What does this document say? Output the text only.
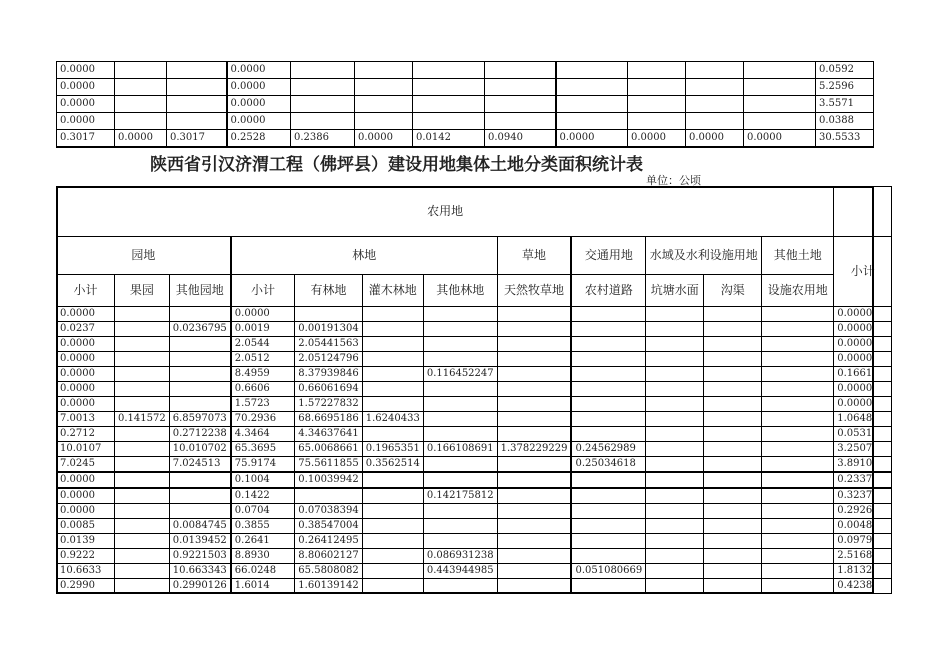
0.0000			0.0000									0.0592
0.0000			0.0000									5.2596
0.0000			0.0000									3.5571
0.0000			0.0000									0.0388
0.3017	0.0000	0.3017	0.2528	0.2386	0.0000	0.0142	0.0940	0.0000	0.0000	0.0000	0.0000	30.5533
陕西省引汉济渭工程（佛坪县）建设用地集体土地分类面积统计表
单位：公顷
农用地												
园地			林地				草地	交通用地	水域及水利设施用地		其他土地	小计
小计	果园	其他园地	小计	有林地	灌木林地	其他林地	天然牧草地	农村道路	坑塘水面	沟渠	设施农用地	
0.0000			0.0000									0.0000
0.0237		0.0236795	0.0019	0.00191304								0.0000
0.0000			2.0544	2.05441563								0.0000
0.0000			2.0512	2.05124796								0.0000
0.0000			8.4959	8.37939846		0.116452247						0.1661
0.0000			0.6606	0.66061694								0.0000
0.0000			1.5723	1.57227832								0.0000
7.0013	0.141572	6.8597073	70.2936	68.6695186	1.6240433							1.0648
0.2712		0.2712238	4.3464	4.34637641								0.0531
10.0107		10.010702	65.3695	65.0068661	0.1965351	0.166108691	1.378229229	0.24562989				3.2507
7.0245		7.024513	75.9174	75.5611855	0.3562514			0.25034618				3.8910
0.0000			0.1004	0.10039942								0.2337
0.0000			0.1422			0.142175812						0.3237
0.0000			0.0704	0.07038394								0.2926
0.0085		0.0084745	0.3855	0.38547004								0.0048
0.0139		0.0139452	0.2641	0.26412495								0.0979
0.9222		0.9221503	8.8930	8.80602127		0.086931238						2.5168
10.6633		10.663343	66.0248	65.5808082		0.443944985		0.051080669				1.8132
0.2990		0.2990126	1.6014	1.60139142								0.4238
